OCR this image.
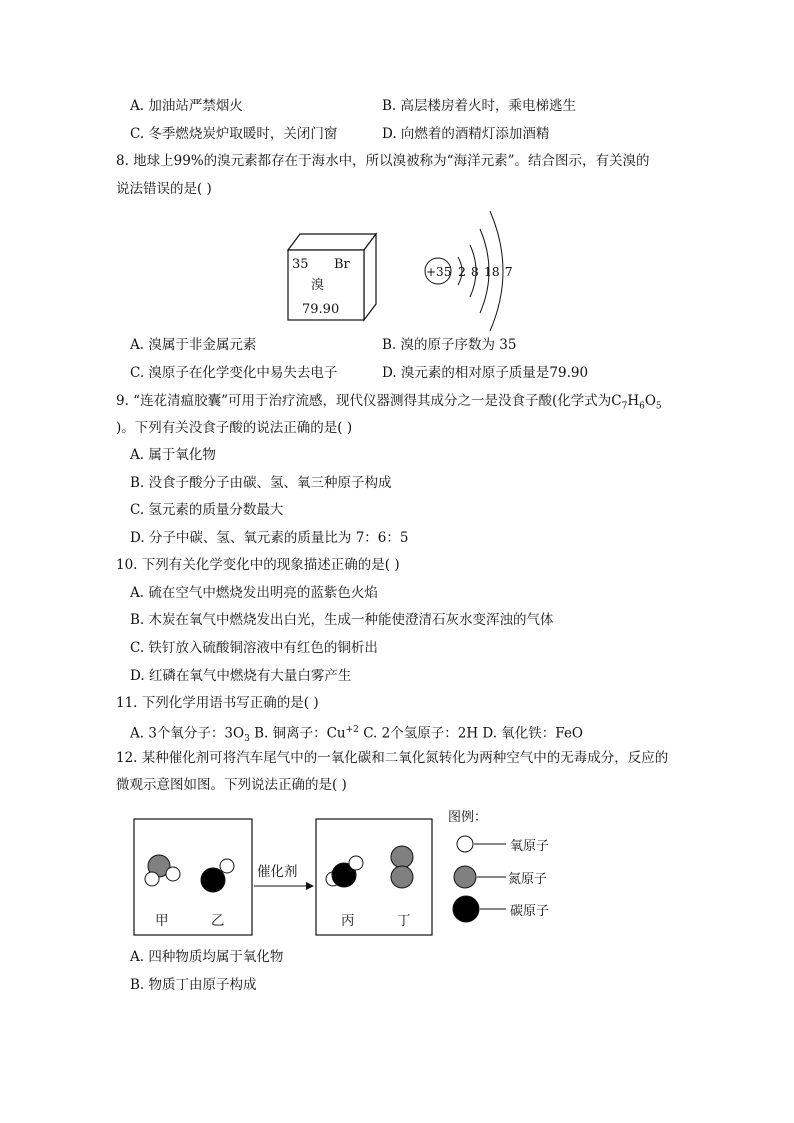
A. 加油站严禁烟火	B. 高层楼房着火时，乘电梯逃生
C. 冬季燃烧炭炉取暖时，关闭门窗	D. 向燃着的酒精灯添加酒精
8. 地球上99%的溴元素都存在于海水中，所以溴被称为“海洋元素”。结合图示，有关溴的
说法错误的是( )
35 Br
溴
79.90
+35 2 8 18 7
A. 溴属于非金属元素	B. 溴的原子序数为 35
C. 溴原子在化学变化中易失去电子	D. 溴元素的相对原子质量是79.90
9. “连花清瘟胶囊”可用于治疗流感，现代仪器测得其成分之一是没食子酸(化学式为$C_7H_6O_5$
)。下列有关没食子酸的说法正确的是( )
A. 属于氧化物
B. 没食子酸分子由碳、氢、氧三种原子构成
C. 氢元素的质量分数最大
D. 分子中碳、氢、氧元素的质量比为 7：6：5
10. 下列有关化学变化中的现象描述正确的是( )
A. 硫在空气中燃烧发出明亮的蓝紫色火焰
B. 木炭在氧气中燃烧发出白光，生成一种能使澄清石灰水变浑浊的气体
C. 铁钉放入硫酸铜溶液中有红色的铜析出
D. 红磷在氧气中燃烧有大量白雾产生
11. 下列化学用语书写正确的是( )
A. 3个氧分子：$3O_3$ B. 铜离子：$Cu^{+2}$ C. 2个氢原子：2H D. 氧化铁：FeO
12. 某种催化剂可将汽车尾气中的一氧化碳和二氧化氮转化为两种空气中的无毒成分，反应的
微观示意图如图。下列说法正确的是( )
催化剂
甲	乙	丙	丁
图例：
氧原子
氮原子
碳原子
A. 四种物质均属于氧化物
B. 物质丁由原子构成
